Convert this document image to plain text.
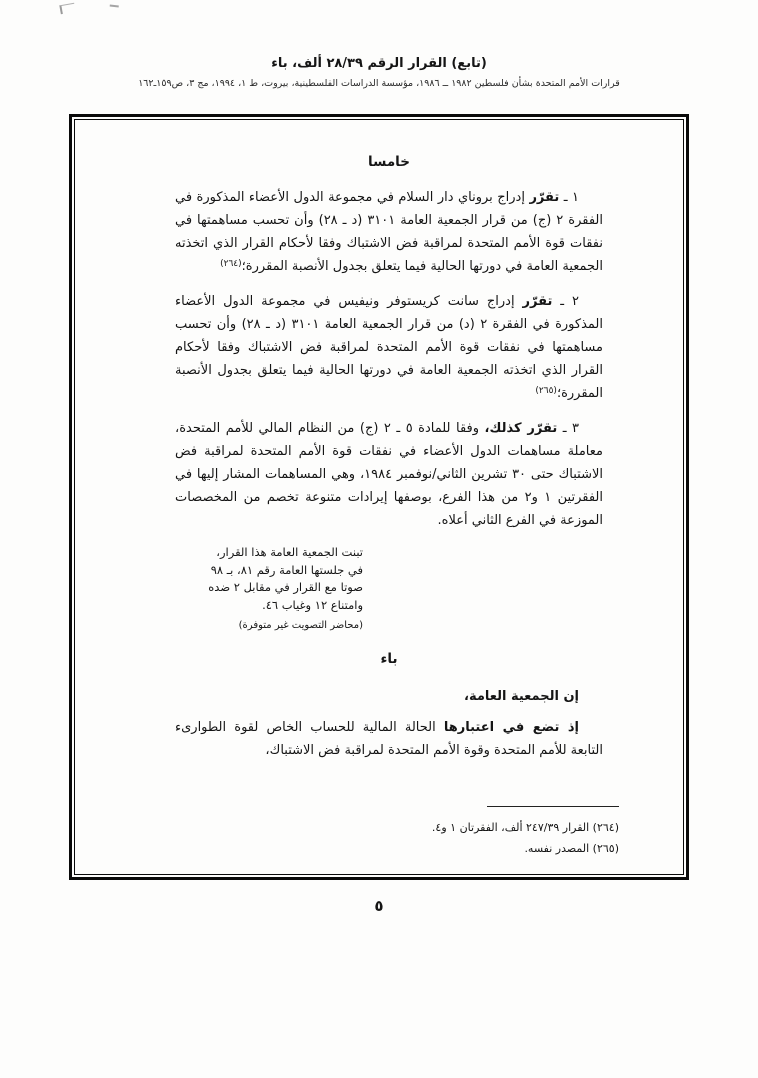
(تابع) القرار الرقم ٢٨/٣٩ ألف، باء
قرارات الأمم المتحدة بشأن فلسطين ١٩٨٢ ــ ١٩٨٦، مؤسسة الدراسات الفلسطينية، بيروت، ط ١، ١٩٩٤، مج ٣، ص١٥٩ـ١٦٢
خامسا

١ ـ تقرّر إدراج بروناي دار السلام في مجموعة الدول الأعضاء المذكورة في الفقرة ٢ (ج) من قرار الجمعية العامة ٣١٠١ (د ـ ٢٨) وأن تحسب مساهمتها في نفقات قوة الأمم المتحدة لمراقبة فض الاشتباك وفقا لأحكام القرار الذي اتخذته الجمعية العامة في دورتها الحالية فيما يتعلق بجدول الأنصبة المقررة؛$^{(٢٦٤)}$

٢ ـ تقرّر إدراج سانت كريستوفر ونيفيس في مجموعة الدول الأعضاء المذكورة في الفقرة ٢ (د) من قرار الجمعية العامة ٣١٠١ (د ـ ٢٨) وأن تحسب مساهمتها في نفقات قوة الأمم المتحدة لمراقبة فض الاشتباك وفقا لأحكام القرار الذي اتخذته الجمعية العامة في دورتها الحالية فيما يتعلق بجدول الأنصبة المقررة؛$^{(٢٦٥)}$

٣ ـ تقرّر كذلك، وفقا للمادة ٥ ـ ٢ (ج) من النظام المالي للأمم المتحدة، معاملة مساهمات الدول الأعضاء في نفقات قوة الأمم المتحدة لمراقبة فض الاشتباك حتى ٣٠ تشرين الثاني/نوفمبر ١٩٨٤، وهي المساهمات المشار إليها في الفقرتين ١ و٢ من هذا الفرع، بوصفها إيرادات متنوعة تخصم من المخصصات الموزعة في الفرع الثاني أعلاه.

تبنت الجمعية العامة هذا القرار،
في جلستها العامة رقم ٨١، بـ ٩٨
صوتا مع القرار في مقابل ٢ ضده
وامتناع ١٢ وغياب ٤٦.
(محاضر التصويت غير متوفرة)
باء

إن الجمعية العامة،

إذ تضع في اعتبارها الحالة المالية للحساب الخاص لقوة الطوارىء التابعة للأمم المتحدة وقوة الأمم المتحدة لمراقبة فض الاشتباك،

(٢٦٤) القرار ٢٤٧/٣٩ ألف، الفقرتان ١ و٤.

(٢٦٥) المصدر نفسه.

٥
